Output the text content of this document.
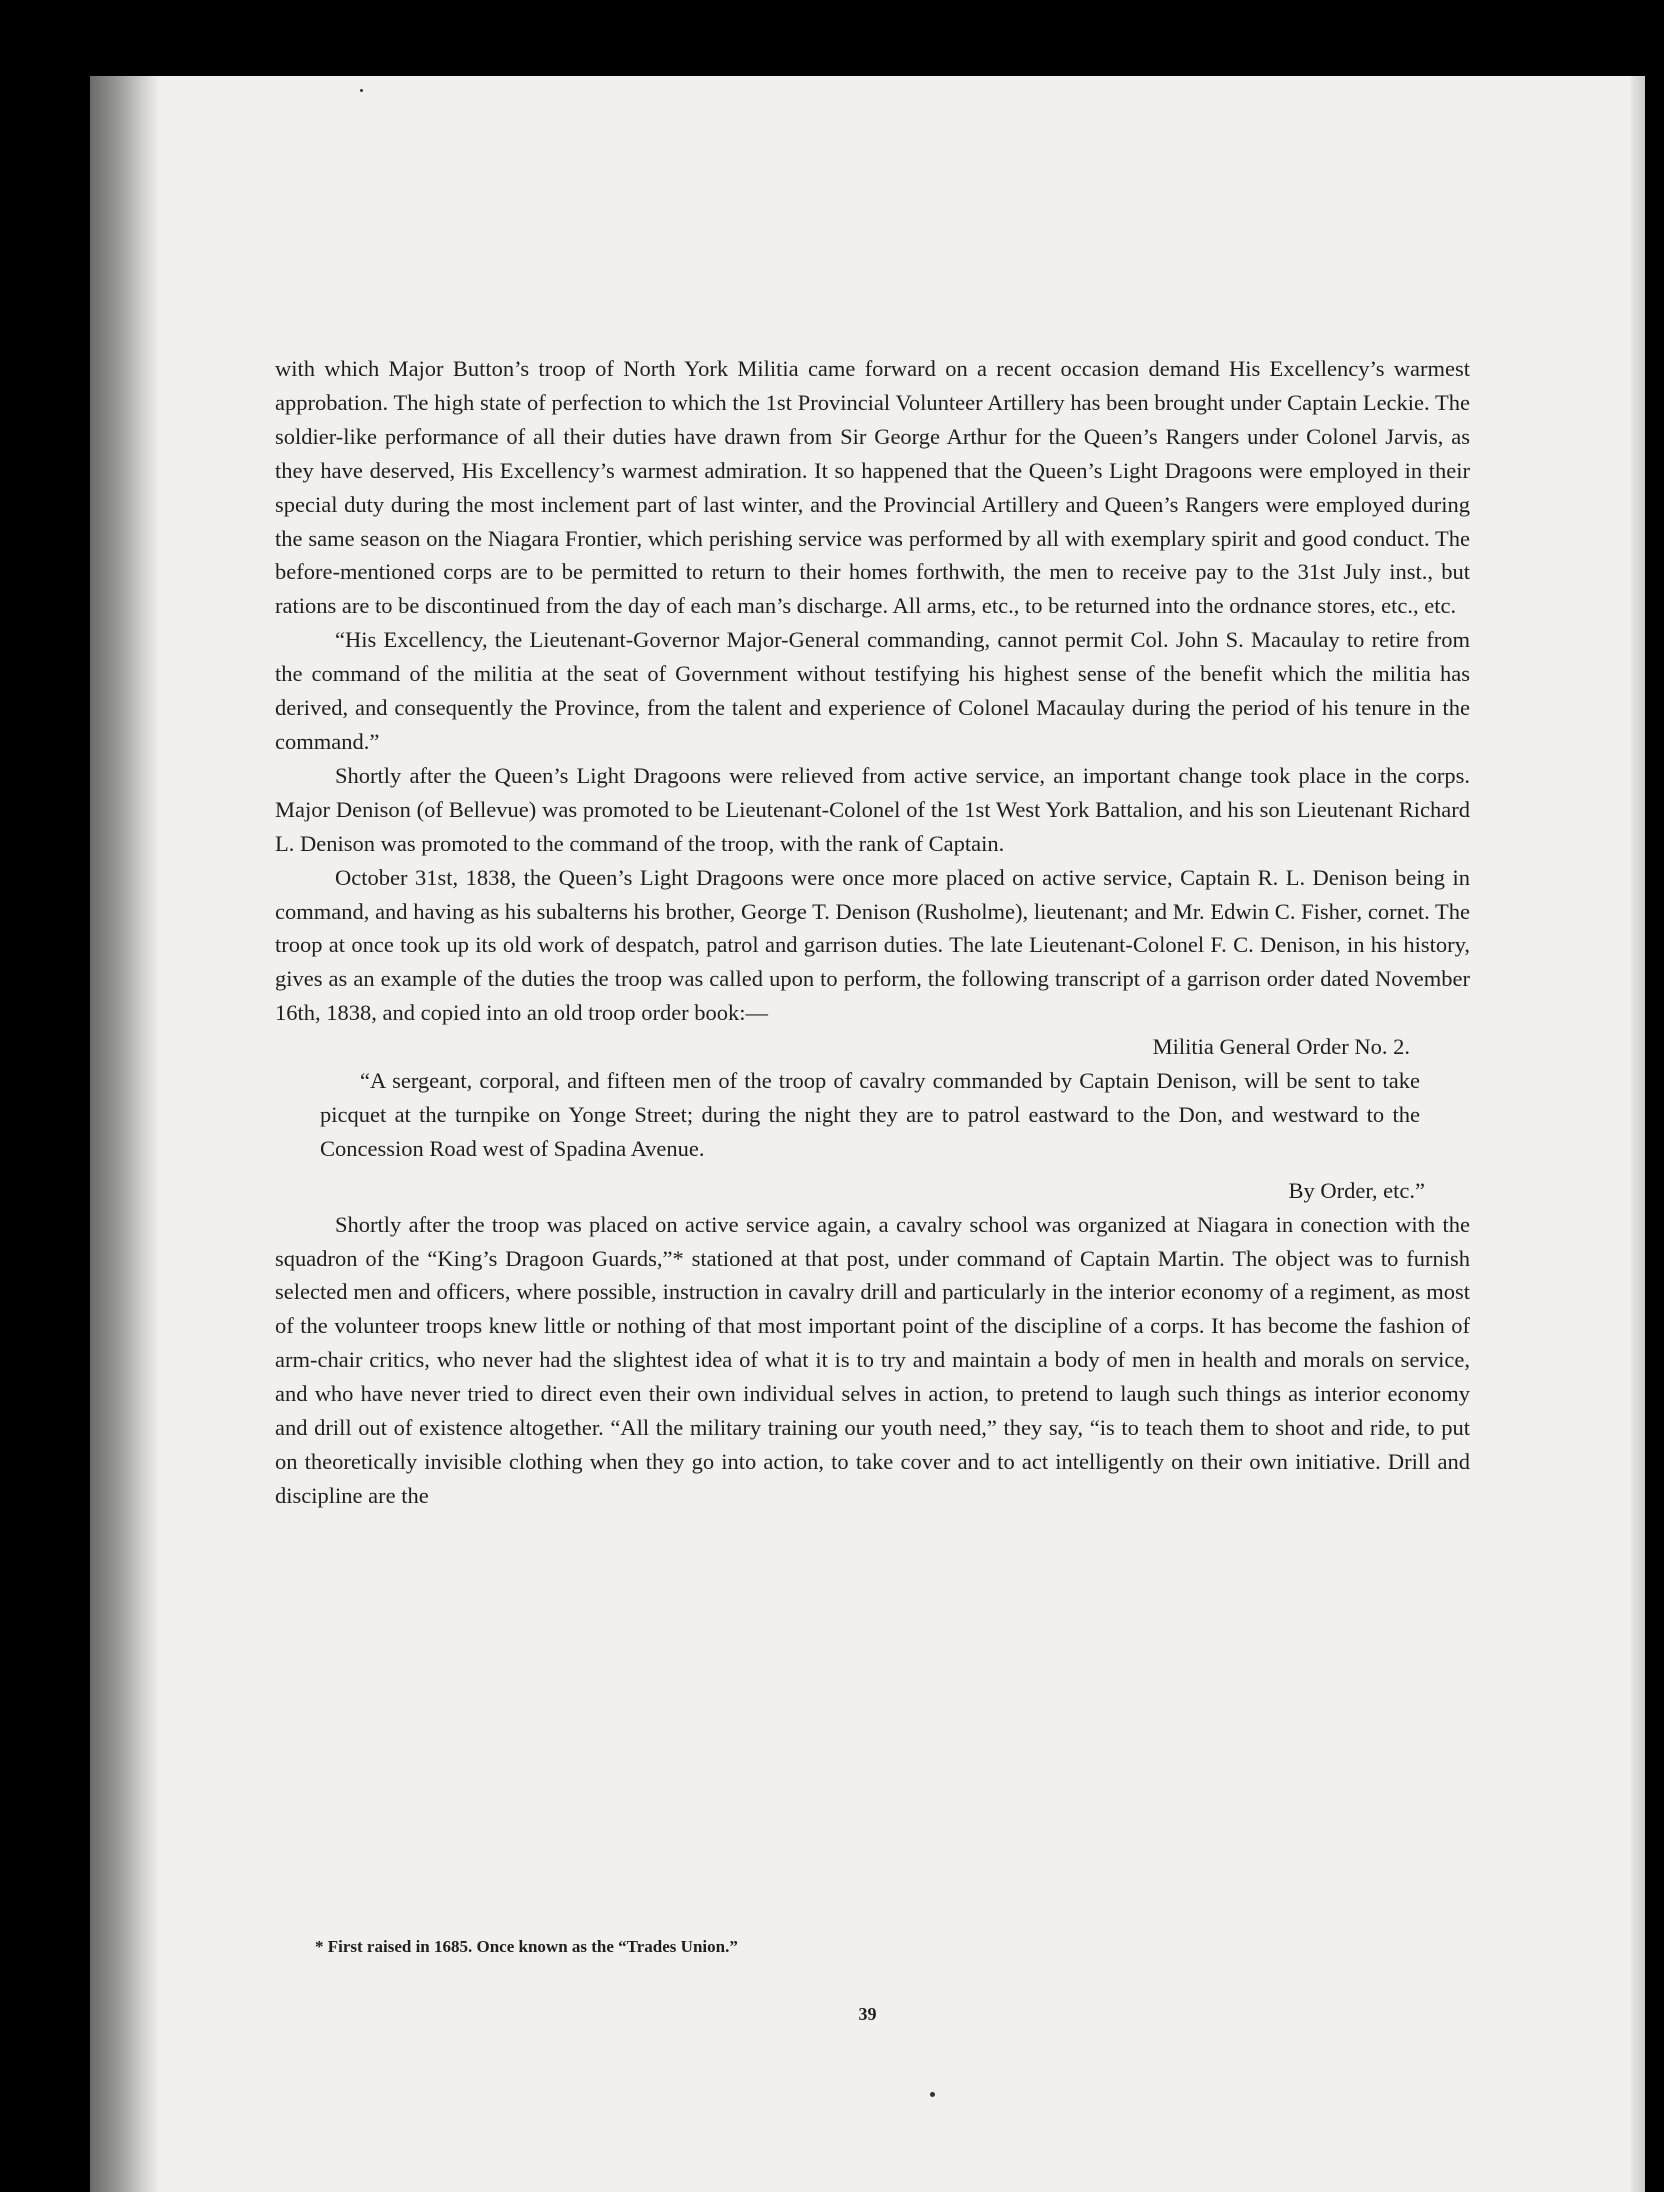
with which Major Button’s troop of North York Militia came forward on a recent occasion demand His Excellency’s warmest approbation. The high state of perfection to which the 1st Provincial Volunteer Artillery has been brought under Captain Leckie. The soldier-like performance of all their duties have drawn from Sir George Arthur for the Queen’s Rangers under Colonel Jarvis, as they have deserved, His Excellency’s warmest admiration. It so happened that the Queen’s Light Dragoons were employed in their special duty during the most inclement part of last winter, and the Provincial Artillery and Queen’s Rangers were employed during the same season on the Niagara Frontier, which perishing service was performed by all with exemplary spirit and good conduct. The before-mentioned corps are to be permitted to return to their homes forthwith, the men to receive pay to the 31st July inst., but rations are to be discontinued from the day of each man’s discharge. All arms, etc., to be returned into the ordnance stores, etc., etc.

“His Excellency, the Lieutenant-Governor Major-General commanding, cannot permit Col. John S. Macaulay to retire from the command of the militia at the seat of Government without testifying his highest sense of the benefit which the militia has derived, and consequently the Province, from the talent and experience of Colonel Macaulay during the period of his tenure in the command.”

Shortly after the Queen’s Light Dragoons were relieved from active service, an important change took place in the corps. Major Denison (of Bellevue) was promoted to be Lieutenant-Colonel of the 1st West York Battalion, and his son Lieutenant Richard L. Denison was promoted to the command of the troop, with the rank of Captain.

October 31st, 1838, the Queen’s Light Dragoons were once more placed on active service, Captain R. L. Denison being in command, and having as his subalterns his brother, George T. Denison (Rusholme), lieutenant; and Mr. Edwin C. Fisher, cornet. The troop at once took up its old work of despatch, patrol and garrison duties. The late Lieutenant-Colonel F. C. Denison, in his history, gives as an example of the duties the troop was called upon to perform, the following transcript of a garrison order dated November 16th, 1838, and copied into an old troop order book:—

Militia General Order No. 2.

“A sergeant, corporal, and fifteen men of the troop of cavalry commanded by Captain Denison, will be sent to take picquet at the turnpike on Yonge Street; during the night they are to patrol eastward to the Don, and westward to the Concession Road west of Spadina Avenue.

By Order, etc.”

Shortly after the troop was placed on active service again, a cavalry school was organized at Niagara in conection with the squadron of the “King’s Dragoon Guards,”* stationed at that post, under command of Captain Martin. The object was to furnish selected men and officers, where possible, instruction in cavalry drill and particularly in the interior economy of a regiment, as most of the volunteer troops knew little or nothing of that most important point of the discipline of a corps. It has become the fashion of arm-chair critics, who never had the slightest idea of what it is to try and maintain a body of men in health and morals on service, and who have never tried to direct even their own individual selves in action, to pretend to laugh such things as interior economy and drill out of existence altogether. “All the military training our youth need,” they say, “is to teach them to shoot and ride, to put on theoretically invisible clothing when they go into action, to take cover and to act intelligently on their own initiative. Drill and discipline are the

* First raised in 1685. Once known as the “Trades Union.”
39
